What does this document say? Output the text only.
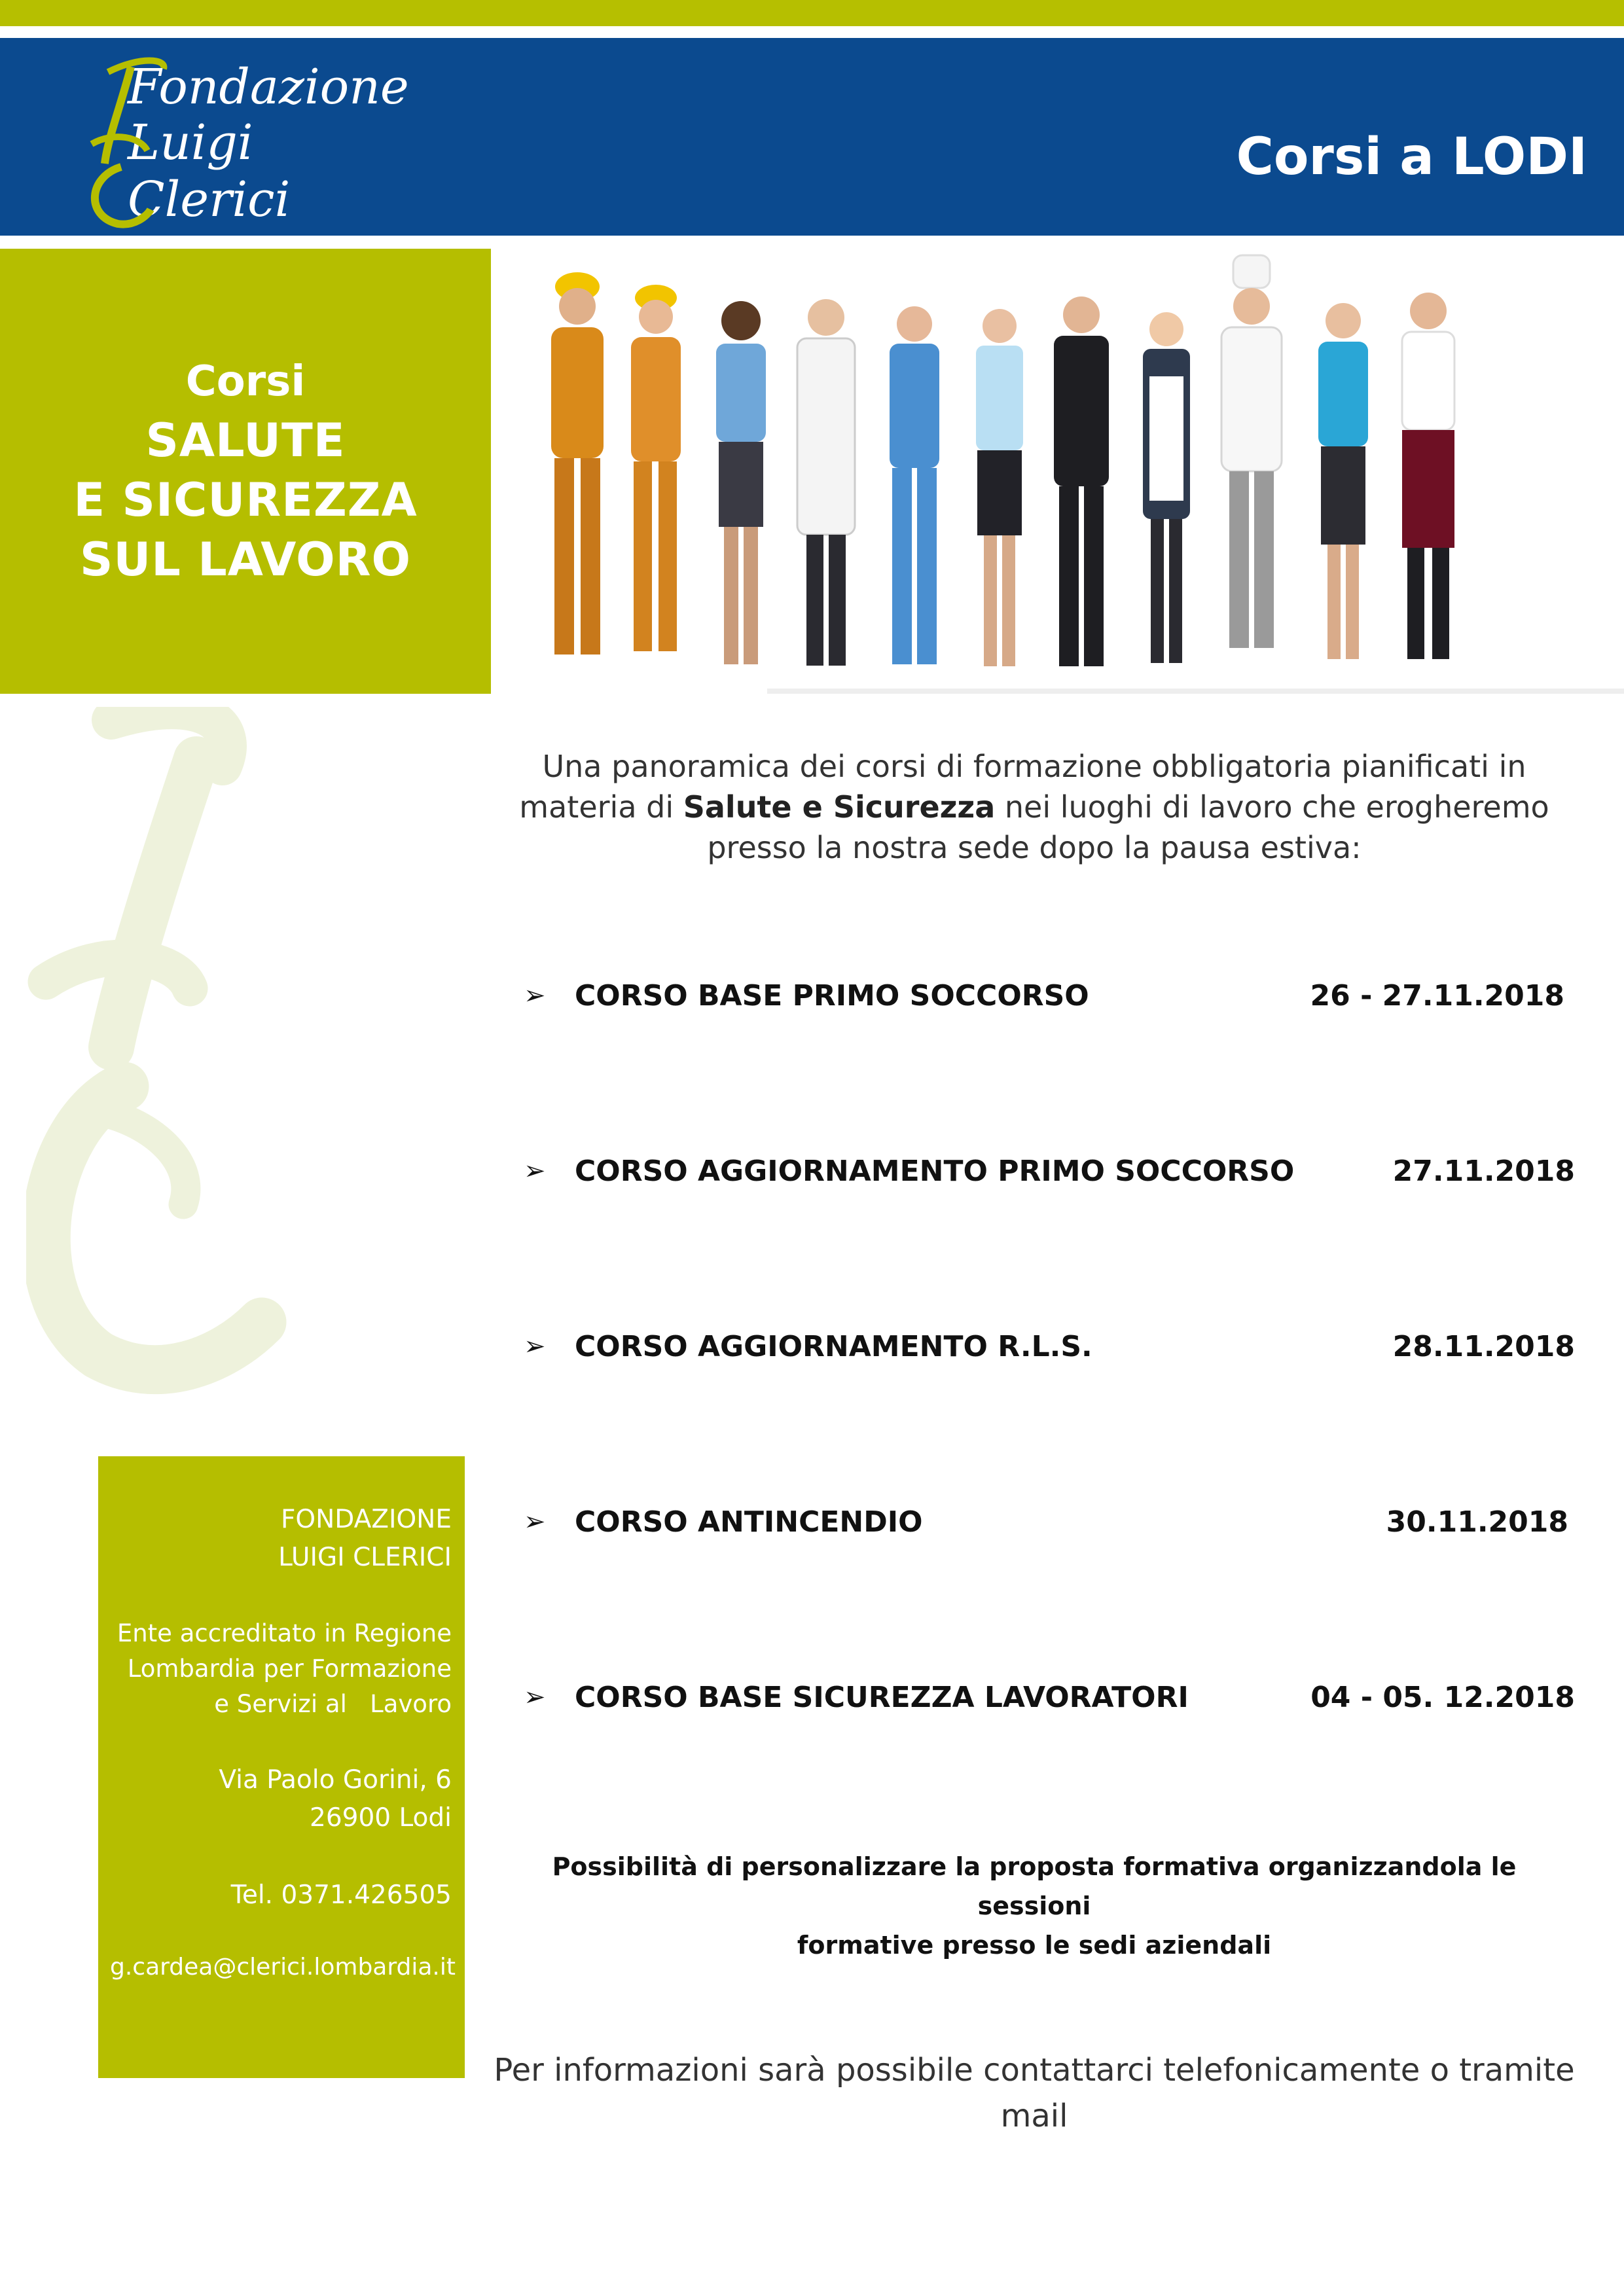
Fondazione
Luigi
Clerici
Corsi a LODI
Corsi
SALUTE
E SICUREZZA
SUL LAVORO
Una panoramica dei corsi di formazione obbligatoria pianificati in materia di Salute e Sicurezza nei luoghi di lavoro che erogheremo presso la nostra sede dopo la pausa estiva:
➢ CORSO BASE PRIMO SOCCORSO	26 - 27.11.2018
➢ CORSO AGGIORNAMENTO PRIMO SOCCORSO	27.11.2018
➢ CORSO AGGIORNAMENTO R.L.S.	28.11.2018
➢ CORSO ANTINCENDIO	30.11.2018
➢ CORSO BASE SICUREZZA LAVORATORI	04 - 05. 12.2018
Possibilità di personalizzare la proposta formativa organizzandola le sessioni
formative presso le sedi aziendali
Per informazioni sarà possibile contattarci telefonicamente o tramite
mail
FONDAZIONE
LUIGI CLERICI
Ente accreditato in Regione
Lombardia per Formazione
e Servizi al   Lavoro
Via Paolo Gorini, 6
26900 Lodi
Tel. 0371.426505
g.cardea@clerici.lombardia.it
